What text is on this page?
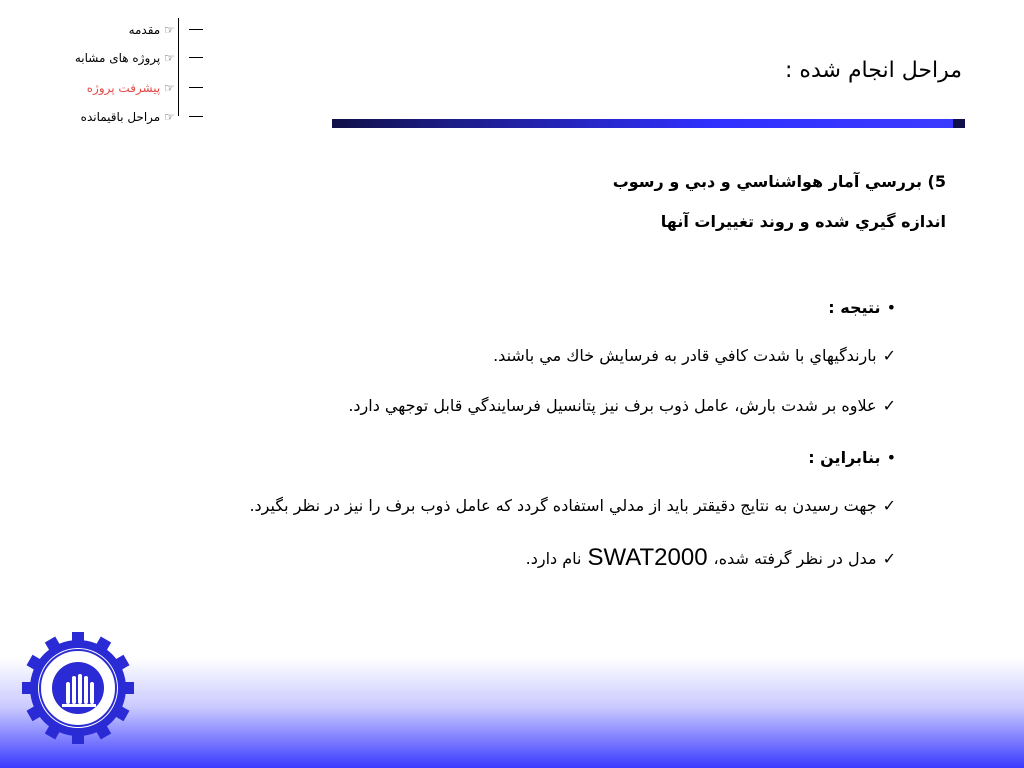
☜
مقدمه
☜
پروژه های مشابه
☜
پیشرفت پروژه
☜
مراحل باقیمانده
مراحل انجام شده :
5) بررسي آمار هواشناسي و دبي و رسوب
اندازه گيري شده و روند تغييرات آنها
•
نتيجه :
✓
بارندگيهاي با شدت كافي قادر به فرسايش خاك مي باشند.
✓
علاوه بر شدت بارش، عامل ذوب برف نيز پتانسيل فرسايندگي قابل توجهي دارد.
•
بنابراين :
✓
جهت رسيدن به نتايج دقيقتر بايد از مدلي استفاده گردد كه عامل ذوب برف را نيز در نظر بگيرد.
✓
مدل در نظر گرفته شده،
SWAT2000
نام دارد.
